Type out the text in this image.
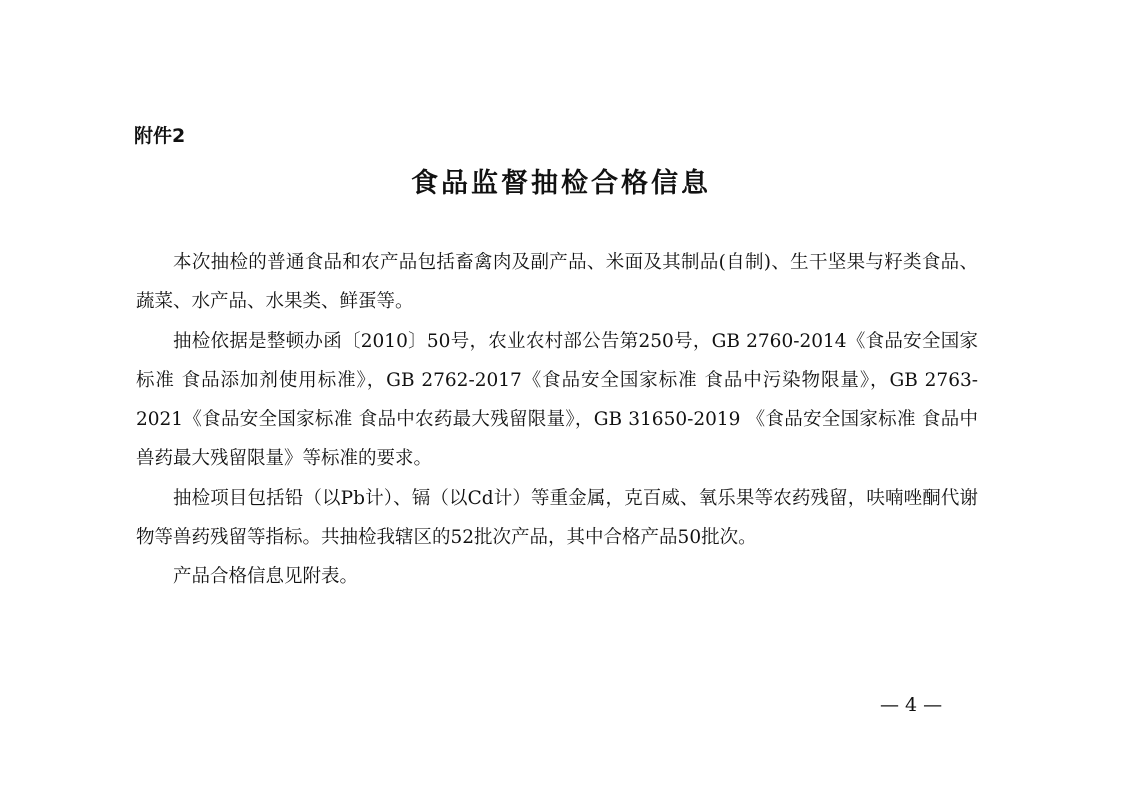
附件2
食品监督抽检合格信息

本次抽检的普通食品和农产品包括畜禽肉及副产品、米面及其制品(自制)、生干坚果与籽类食品、蔬菜、水产品、水果类、鲜蛋等。

抽检依据是整顿办函〔2010〕50号，农业农村部公告第250号，GB 2760-2014《食品安全国家标准 食品添加剂使用标准》，GB 2762-2017《食品安全国家标准 食品中污染物限量》，GB 2763-2021《食品安全国家标准 食品中农药最大残留限量》，GB 31650-2019 《食品安全国家标准 食品中兽药最大残留限量》等标准的要求。

抽检项目包括铅（以Pb计）、镉（以Cd计）等重金属，克百威、氧乐果等农药残留，呋喃唑酮代谢物等兽药残留等指标。共抽检我辖区的52批次产品，其中合格产品50批次。

产品合格信息见附表。

— 4 —
